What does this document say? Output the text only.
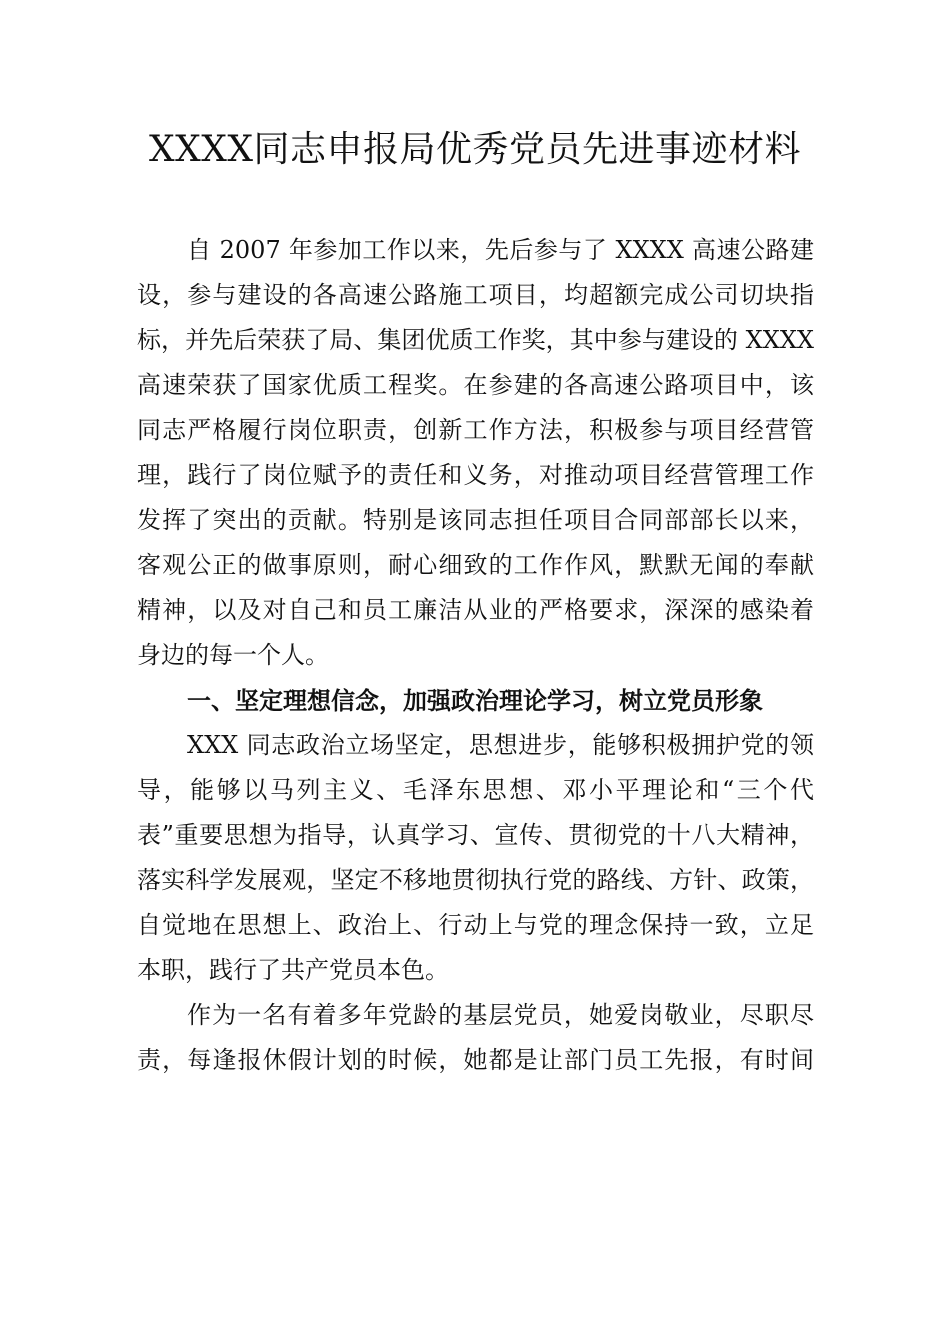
XXXX同志申报局优秀党员先进事迹材料
自 2007 年参加工作以来，先后参与了 XXXX 高速公路建
设，参与建设的各高速公路施工项目，均超额完成公司切块指
标，并先后荣获了局、集团优质工作奖，其中参与建设的 XXXX
高速荣获了国家优质工程奖。在参建的各高速公路项目中，该
同志严格履行岗位职责，创新工作方法，积极参与项目经营管
理，践行了岗位赋予的责任和义务，对推动项目经营管理工作
发挥了突出的贡献。特别是该同志担任项目合同部部长以来，
客观公正的做事原则，耐心细致的工作作风，默默无闻的奉献
精神，以及对自己和员工廉洁从业的严格要求，深深的感染着
身边的每一个人。
一、坚定理想信念，加强政治理论学习，树立党员形象
XXX 同志政治立场坚定，思想进步，能够积极拥护党的领
导，能够以马列主义、毛泽东思想、邓小平理论和“三个代
表”重要思想为指导，认真学习、宣传、贯彻党的十八大精神，
落实科学发展观，坚定不移地贯彻执行党的路线、方针、政策，
自觉地在思想上、政治上、行动上与党的理念保持一致，立足
本职，践行了共产党员本色。
作为一名有着多年党龄的基层党员，她爱岗敬业，尽职尽
责，每逢报休假计划的时候，她都是让部门员工先报，有时间
